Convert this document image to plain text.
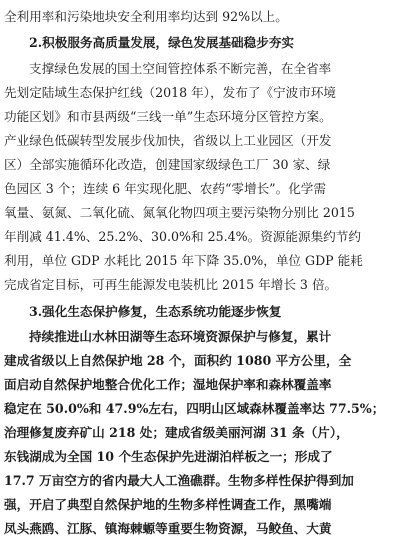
全利用率和污染地块安全利用率均达到 92%以上。
2.积极服务高质量发展，绿色发展基础稳步夯实
支撑绿色发展的国土空间管控体系不断完善，在全省率
先划定陆域生态保护红线（2018 年），发布了《宁波市环境
功能区划》和市县两级“三线一单”生态环境分区管控方案。
产业绿色低碳转型发展步伐加快，省级以上工业园区（开发
区）全部实施循环化改造，创建国家级绿色工厂 30 家、绿
色园区 3 个；连续 6 年实现化肥、农药“零增长”。化学需
氧量、氨氮、二氧化硫、氮氧化物四项主要污染物分别比 2015
年削减 41.4%、25.2%、30.0%和 25.4%。资源能源集约节约
利用，单位 GDP 水耗比 2015 年下降 35.0%，单位 GDP 能耗
完成省定目标，可再生能源发电装机比 2015 年增长 3 倍。
3.强化生态保护修复，生态系统功能逐步恢复
持续推进山水林田湖等生态环境资源保护与修复，累计
建成省级以上自然保护地 28 个，面积约 1080 平方公里，全
面启动自然保护地整合优化工作；湿地保护率和森林覆盖率
稳定在 50.0%和 47.9%左右，四明山区域森林覆盖率达 77.5%；
治理修复废弃矿山 218 处；建成省级美丽河湖 31 条（片），
东钱湖成为全国 10 个生态保护先进湖泊样板之一；形成了
17.7 万亩空方的省内最大人工渔礁群。生物多样性保护得到加
强，开启了典型自然保护地的生物多样性调查工作，黑嘴端
凤头燕鸥、江豚、镇海棘螈等重要生物资源，马鲛鱼、大黄
